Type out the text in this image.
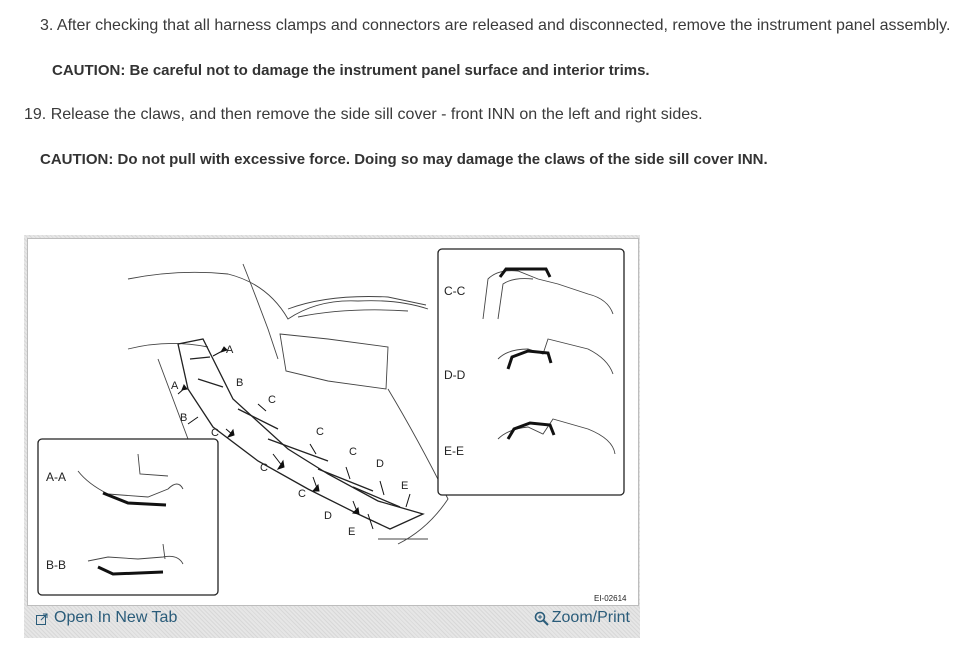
3. After checking that all harness clamps and connectors are released and disconnected, remove the instrument panel assembly.
CAUTION: Be careful not to damage the instrument panel surface and interior trims.
19. Release the claws, and then remove the side sill cover - front INN on the left and right sides.
CAUTION: Do not pull with excessive force. Doing so may damage the claws of the side sill cover INN.
A
A	B
B
C
C	C
C
C
C
D
D
E
E
C-C
D-D
E-E
A-A
B-B
EI-02614
Open In New Tab	Zoom/Print
